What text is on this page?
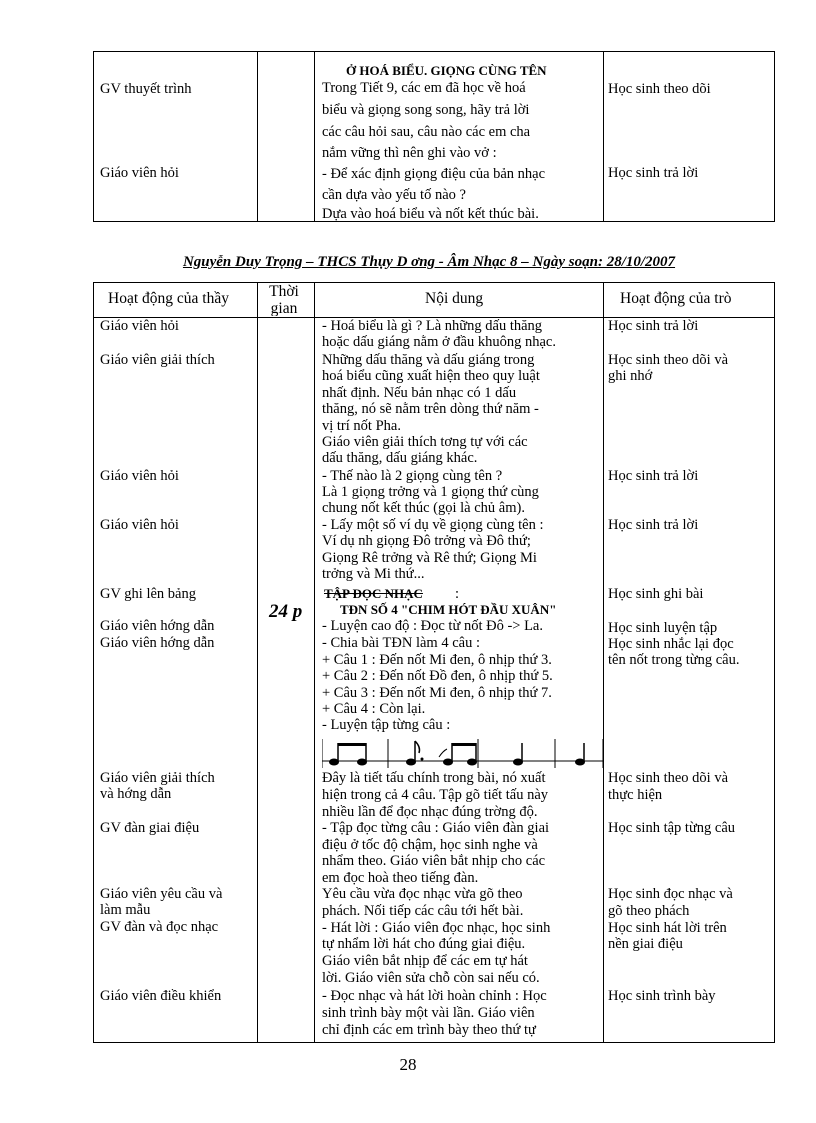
Ở HOÁ BIỂU. GIỌNG CÙNG TÊN
GV thuyết trình
Giáo viên hỏi
Trong Tiết 9, các em đã học về hoá
biểu và giọng song song, hãy trả lời
các câu hỏi sau, câu nào các em cha
nắm vững thì nên ghi vào vở :
- Để xác định giọng điệu của bản nhạc
cần dựa vào yếu tố nào ?
Dựa vào hoá biểu và nốt kết thúc bài.
Học sinh theo dõi
Học sinh trả lời
Nguyễn Duy Trọng – THCS Thụy D ơng - Âm Nhạc 8 – Ngày soạn: 28/10/2007
Hoạt động của thầy	Thời gian
Nội dung	Hoạt động của trò
24 p
Giáo viên hỏi
Giáo viên giải thích
Giáo viên hỏi
Giáo viên hỏi
GV ghi lên bảng
Giáo viên hớng dẫn
Giáo viên hớng dẫn
Giáo viên giải thích
và hớng dẫn
GV đàn giai điệu
Giáo viên yêu cầu và
làm mẫu
GV đàn và đọc nhạc
Giáo viên điều khiển
- Hoá biểu là gì ? Là những dấu thăng
hoặc dấu giáng nằm ở đầu khuông nhạc.
Những dấu thăng và dấu giáng trong
hoá biểu cũng xuất hiện theo quy luật
nhất định. Nếu bản nhạc có 1 dấu
thăng, nó sẽ nằm trên dòng thứ năm -
vị trí nốt Pha.
Giáo viên giải thích tơng tự với các
dấu thăng, dấu giáng khác.
- Thế nào là 2 giọng cùng tên ?
Là 1 giọng trởng và 1 giọng thứ cùng
chung nốt kết thúc (gọi là chủ âm).
- Lấy một số ví dụ về giọng cùng tên :
Ví dụ nh giọng Đô trởng và Đô thứ;
Giọng Rê trởng và Rê thứ; Giọng Mi
trởng và Mi thứ...
TẬP ĐỌC NHẠC :
TĐN SỐ 4 "CHIM HÓT ĐẦU XUÂN"
- Luyện cao độ : Đọc từ nốt Đô -> La.
- Chia bài TĐN làm 4 câu :
+ Câu 1 : Đến nốt Mi đen, ô nhịp thứ 3.
+ Câu 2 : Đến nốt Đồ đen, ô nhịp thứ 5.
+ Câu 3 : Đến nốt Mi đen, ô nhịp thứ 7.
+ Câu 4 : Còn lại.
- Luyện tập từng câu :
Đây là tiết tấu chính trong bài, nó xuất
hiện trong cả 4 câu. Tập gõ tiết tấu này
nhiều lần để đọc nhạc đúng trờng độ.
- Tập đọc từng câu : Giáo viên đàn giai
điệu ở tốc độ chậm, học sinh nghe và
nhẩm theo. Giáo viên bắt nhịp cho các
em đọc hoà theo tiếng đàn.
Yêu cầu vừa đọc nhạc vừa gõ theo
phách. Nối tiếp các câu tới hết bài.
- Hát lời : Giáo viên đọc nhạc, học sinh
tự nhẩm lời hát cho đúng giai điệu.
Giáo viên bắt nhịp để các em tự hát
lời. Giáo viên sửa chỗ còn sai nếu có.
- Đọc nhạc và hát lời hoàn chỉnh : Học
sinh trình bày một vài lần. Giáo viên
chỉ định các em trình bày theo thứ tự
Học sinh trả lời
Học sinh theo dõi và
ghi nhớ
Học sinh trả lời
Học sinh trả lời
Học sinh ghi bài
Học sinh luyện tập
Học sinh nhắc lại đọc
tên nốt trong từng câu.
Học sinh theo dõi và
thực hiện
Học sinh tập từng câu
Học sinh đọc nhạc và
gõ theo phách
Học sinh hát lời trên
nền giai điệu
Học sinh trình bày
28
